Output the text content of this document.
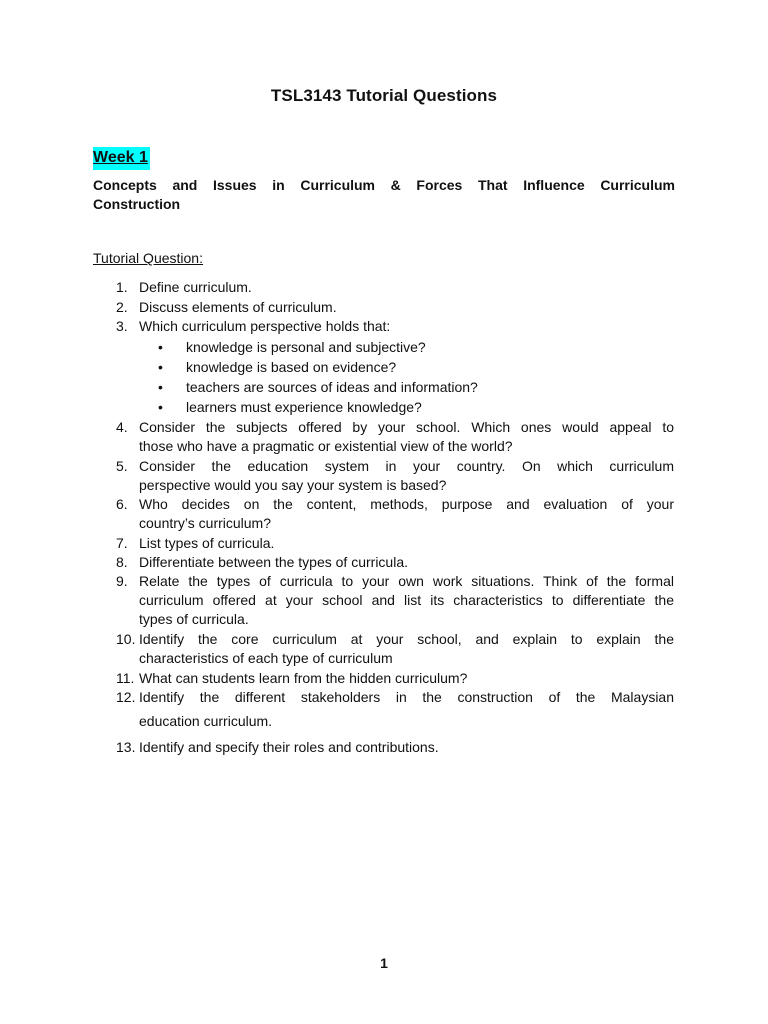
TSL3143 Tutorial Questions
Week 1
Concepts and Issues in Curriculum & Forces That Influence Curriculum
Construction
Tutorial Question:
1. Define curriculum.
2. Discuss elements of curriculum.
3. Which curriculum perspective holds that:
• knowledge is personal and subjective?
• knowledge is based on evidence?
• teachers are sources of ideas and information?
• learners must experience knowledge?
4. Consider the subjects offered by your school. Which ones would appeal to
those who have a pragmatic or existential view of the world?
5. Consider the education system in your country. On which curriculum
perspective would you say your system is based?
6. Who decides on the content, methods, purpose and evaluation of your
country’s curriculum?
7. List types of curricula.
8. Differentiate between the types of curricula.
9. Relate the types of curricula to your own work situations. Think of the formal
curriculum offered at your school and list its characteristics to differentiate the
types of curricula.
10. Identify the core curriculum at your school, and explain to explain the
characteristics of each type of curriculum
11. What can students learn from the hidden curriculum?
12. Identify the different stakeholders in the construction of the Malaysian
education curriculum.
13. Identify and specify their roles and contributions.
1
